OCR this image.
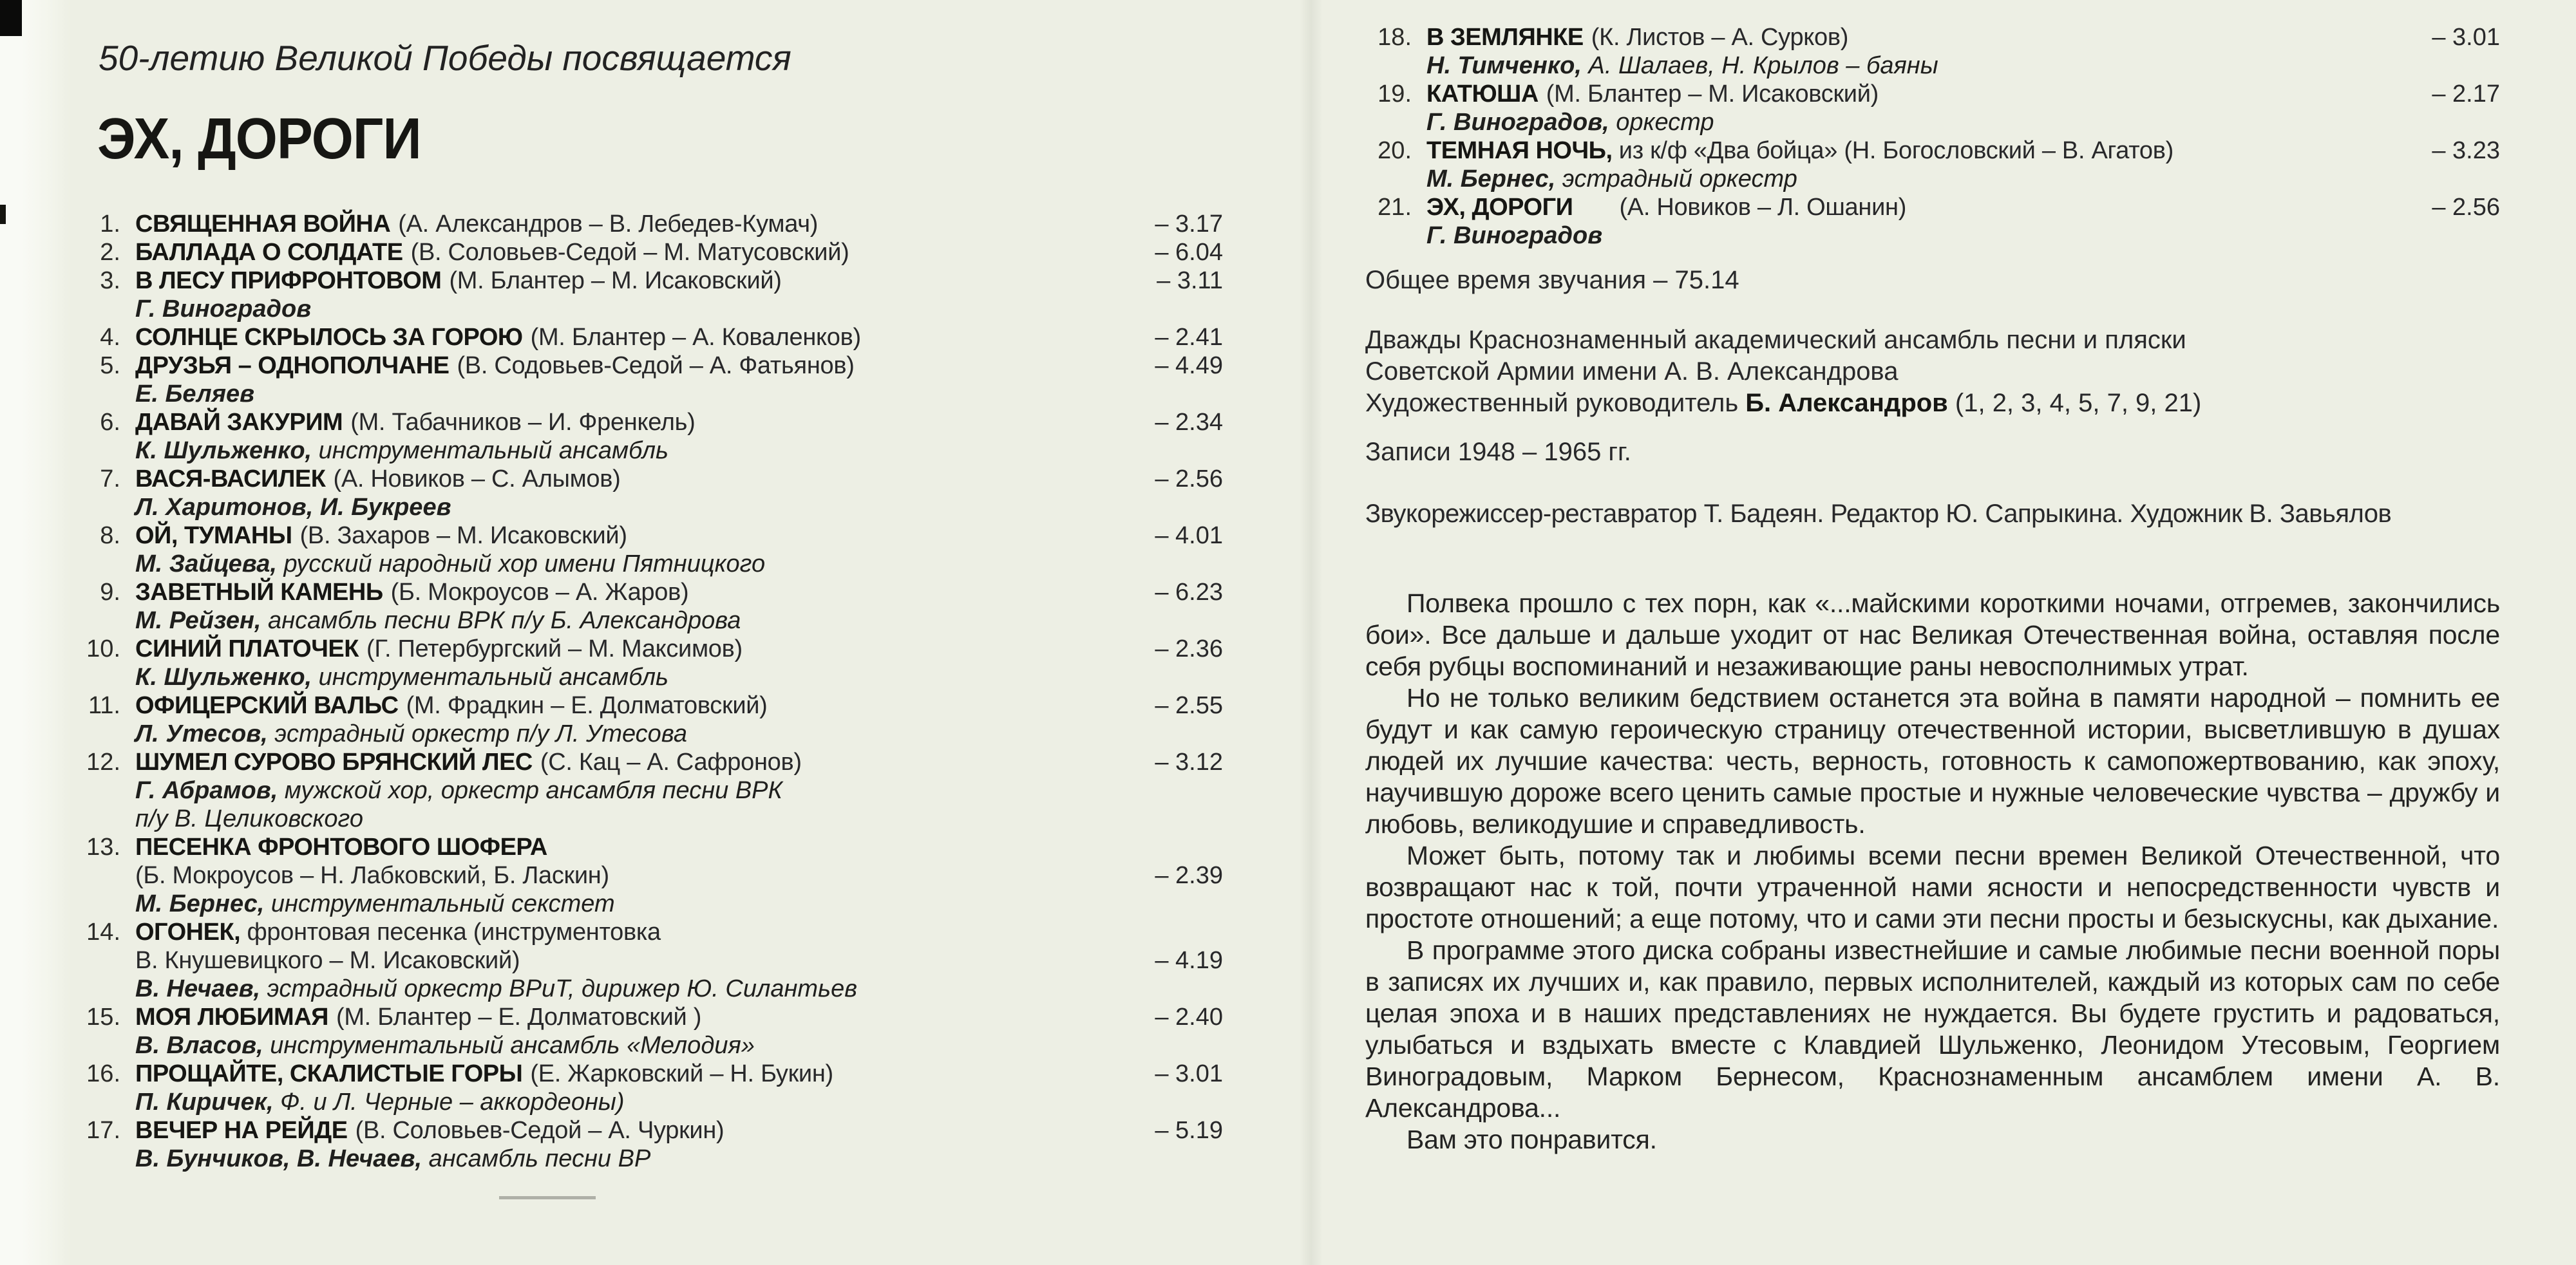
50-летию Великой Победы посвящается
ЭХ, ДОРОГИ
1. СВЯЩЕННАЯ ВОЙНА (А. Александров – В. Лебедев-Кумач)	– 3.17
2. БАЛЛАДА О СОЛДАТЕ (В. Соловьев-Седой – М. Матусовский)	– 6.04
3. В ЛЕСУ ПРИФРОНТОВОМ (М. Блантер – М. Исаковский)	– 3.11
Г. Виноградов
4. СОЛНЦЕ СКРЫЛОСЬ ЗА ГОРОЮ (М. Блантер – А. Коваленков)	– 2.41
5. ДРУЗЬЯ – ОДНОПОЛЧАНЕ (В. Содовьев-Седой – А. Фатьянов)	– 4.49
Е. Беляев
6. ДАВАЙ ЗАКУРИМ (М. Табачников – И. Френкель)	– 2.34
К. Шульженко, инструментальный ансамбль
7. ВАСЯ-ВАСИЛЕК (А. Новиков – С. Алымов)	– 2.56
Л. Харитонов, И. Букреев
8. ОЙ, ТУМАНЫ (В. Захаров – М. Исаковский)	– 4.01
М. Зайцева, русский народный хор имени Пятницкого
9. ЗАВЕТНЫЙ КАМЕНЬ (Б. Мокроусов – А. Жаров)	– 6.23
М. Рейзен, ансамбль песни ВРК п/у Б. Александрова
10. СИНИЙ ПЛАТОЧЕК (Г. Петербургский – М. Максимов)	– 2.36
К. Шульженко, инструментальный ансамбль
11. ОФИЦЕРСКИЙ ВАЛЬС (М. Фрадкин – Е. Долматовский)	– 2.55
Л. Утесов, эстрадный оркестр п/у Л. Утесова
12. ШУМЕЛ СУРОВО БРЯНСКИЙ ЛЕС (С. Кац – А. Сафронов)	– 3.12
Г. Абрамов, мужской хор, оркестр ансамбля песни ВРК
п/у В. Целиковского
13. ПЕСЕНКА ФРОНТОВОГО ШОФЕРА
(Б. Мокроусов – Н. Лабковский, Б. Ласкин)	– 2.39
М. Бернес, инструментальный секстет
14. ОГОНЕК, фронтовая песенка (инструментовка
В. Кнушевицкого – М. Исаковский)	– 4.19
В. Нечаев, эстрадный оркестр ВРиТ, дирижер Ю. Силантьев
15. МОЯ ЛЮБИМАЯ (М. Блантер – Е. Долматовский )	– 2.40
В. Власов, инструментальный ансамбль «Мелодия»
16. ПРОЩАЙТЕ, СКАЛИСТЫЕ ГОРЫ (Е. Жарковский – Н. Букин)	– 3.01
П. Киричек, Ф. и Л. Черные – аккордеоны)
17. ВЕЧЕР НА РЕЙДЕ (В. Соловьев-Седой – А. Чуркин)	– 5.19
В. Бунчиков, В. Нечаев, ансамбль песни ВР
18. В ЗЕМЛЯНКЕ (К. Листов – А. Сурков)	– 3.01
Н. Тимченко, А. Шалаев, Н. Крылов – баяны
19. КАТЮША (М. Блантер – М. Исаковский)	– 2.17
Г. Виноградов, оркестр
20. ТЕМНАЯ НОЧЬ, из к/ф «Два бойца» (Н. Богословский – В. Агатов)	– 3.23
М. Бернес, эстрадный оркестр
21. ЭХ, ДОРОГИ (А. Новиков – Л. Ошанин)	– 2.56
Г. Виноградов
Общее время звучания – 75.14
Дважды Краснознаменный академический ансамбль песни и пляски
Советской Армии имени А. В. Александрова
Художественный руководитель Б. Александров (1, 2, 3, 4, 5, 7, 9, 21)
Записи 1948 – 1965 гг.
Звукорежиссер-реставратор Т. Бадеян. Редактор Ю. Сапрыкина. Художник В. Завьялов

Полвека прошло с тех порн, как «...майскими короткими ночами, отгремев, закончились бои». Все дальше и дальше уходит от нас Великая Отечественная война, оставляя после себя рубцы воспоминаний и незаживающие раны невосполнимых утрат.

Но не только великим бедствием останется эта война в памяти народной – помнить ее будут и как самую героическую страницу отечественной истории, высветлившую в душах людей их лучшие качества: честь, верность, готовность к самопожертвованию, как эпоху, научившую дороже всего ценить самые простые и нужные человеческие чувства – дружбу и любовь, великодушие и справедливость.

Может быть, потому так и любимы всеми песни времен Великой Отечественной, что возвращают нас к той, почти утраченной нами ясности и непосредственности чувств и простоте отношений; а еще потому, что и сами эти песни просты и безыскусны, как дыхание.

В программе этого диска собраны известнейшие и самые любимые песни военной поры в записях их лучших и, как правило, первых исполнителей, каждый из которых сам по себе целая эпоха и в наших представлениях не нуждается. Вы будете грустить и радоваться, улыбаться и вздыхать вместе с Клавдией Шульженко, Леонидом Утесовым, Георгием Виноградовым, Марком Бернесом, Краснознаменным ансамблем имени А. В. Александрова...

Вам это понравится.
